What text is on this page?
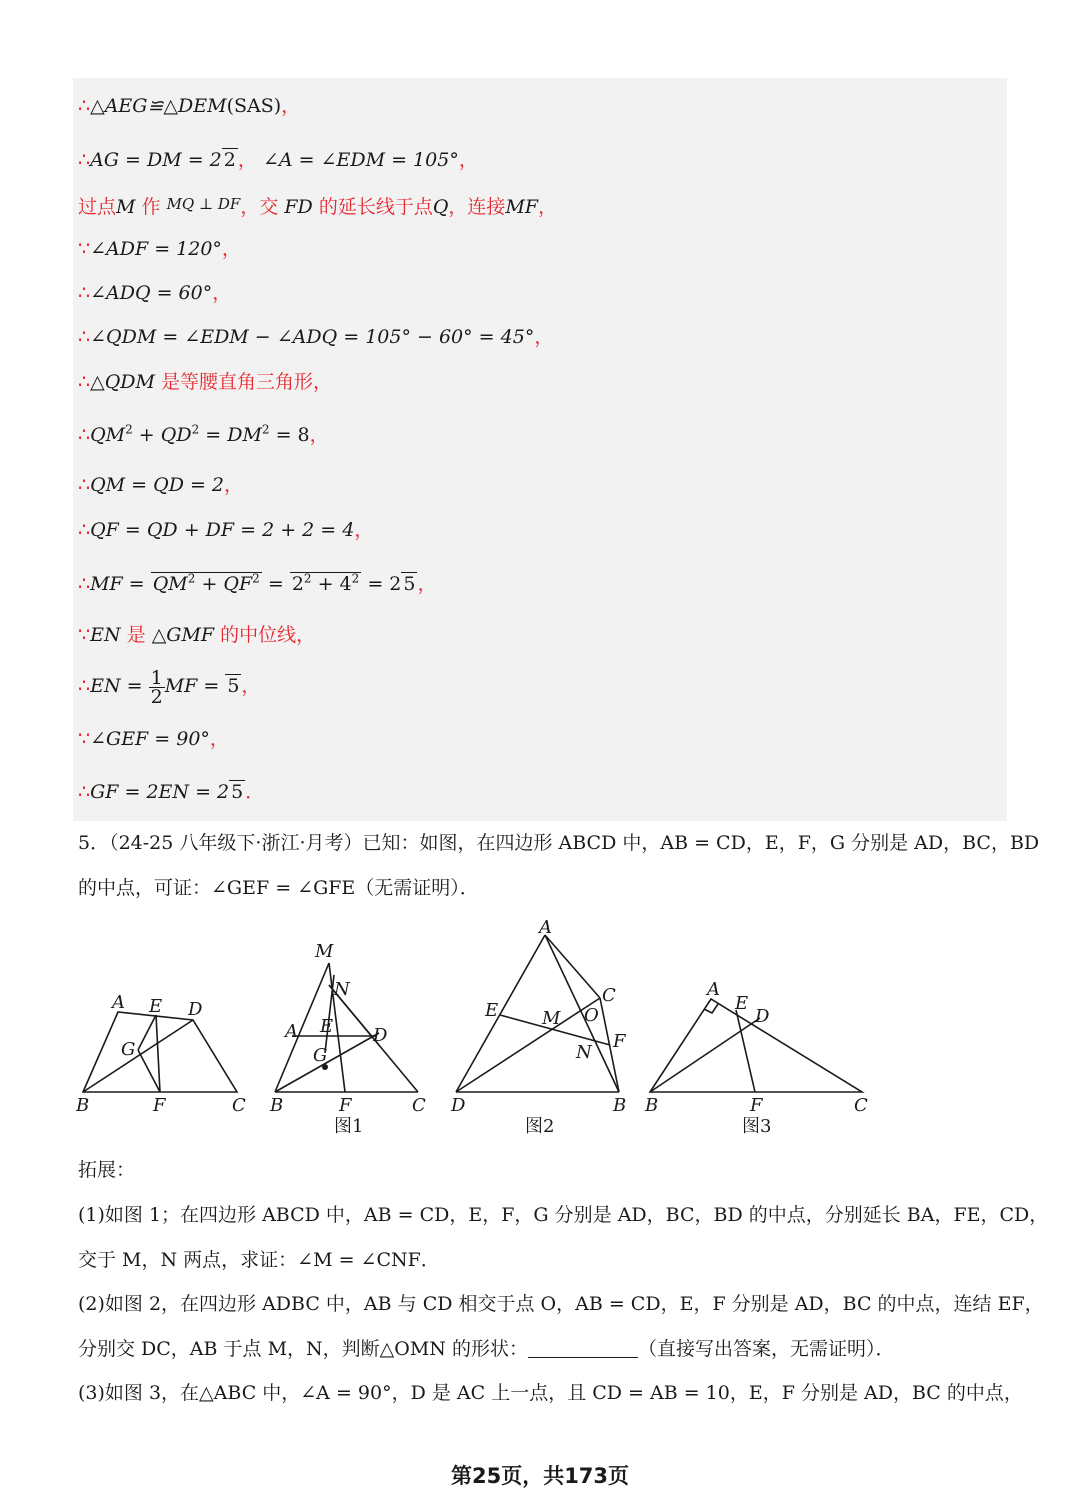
∴△AEG≌△DEM(SAS)，
∴AG = DM = 2 2 ， ∠A = ∠EDM = 105°，
过点M 作 $^{MQ \perp DF}$，交 FD 的延长线于点Q，连接MF，
∵∠ADF = 120°，
∴∠ADQ = 60°，
∴∠QDM = ∠EDM − ∠ADQ = 105° − 60° = 45°，
∴△QDM 是等腰直角三角形，
$\therefore QM^2 + QD^2 = DM^2 = 8$，
∴QM = QD = 2，
∴QF = QD + DF = 2 + 2 = 4，
∴MF = $QM^2 + QF^2 = 2^2 + 4^2 = 2$ 5 ，
∵EN 是 △GMF 的中位线，
∴EN = $\frac{1}{2}$ MF = 5 ，
∵∠GEF = 90°，
∴GF = 2EN = 2 5 ．
5．（24-25 八年级下·浙江·月考）已知：如图，在四边形 ABCD 中，AB = CD，E，F，G 分别是 AD，BC，BD
的中点，可证：∠GEF = ∠GFE（无需证明）．
A E D
G
B	F	C
M
N
A E D
G
B	F	C
图1
A
C
E M O
F
N
D	B
图2
A
E
D
B	F	C
图3
拓展：
(1)如图 1；在四边形 ABCD 中，AB = CD，E，F，G 分别是 AD，BC，BD 的中点，分别延长 BA，FE，CD，
交于 M，N 两点，求证：∠M = ∠CNF．
(2)如图 2，在四边形 ADBC 中，AB 与 CD 相交于点 O，AB = CD，E，F 分别是 AD，BC 的中点，连结 EF，
分别交 DC，AB 于点 M，N，判断△OMN 的形状：	（直接写出答案，无需证明）．
(3)如图 3，在△ABC 中，∠A = 90°，D 是 AC 上一点，且 CD = AB = 10，E，F 分别是 AD，BC 的中点，
第25页，共173页
